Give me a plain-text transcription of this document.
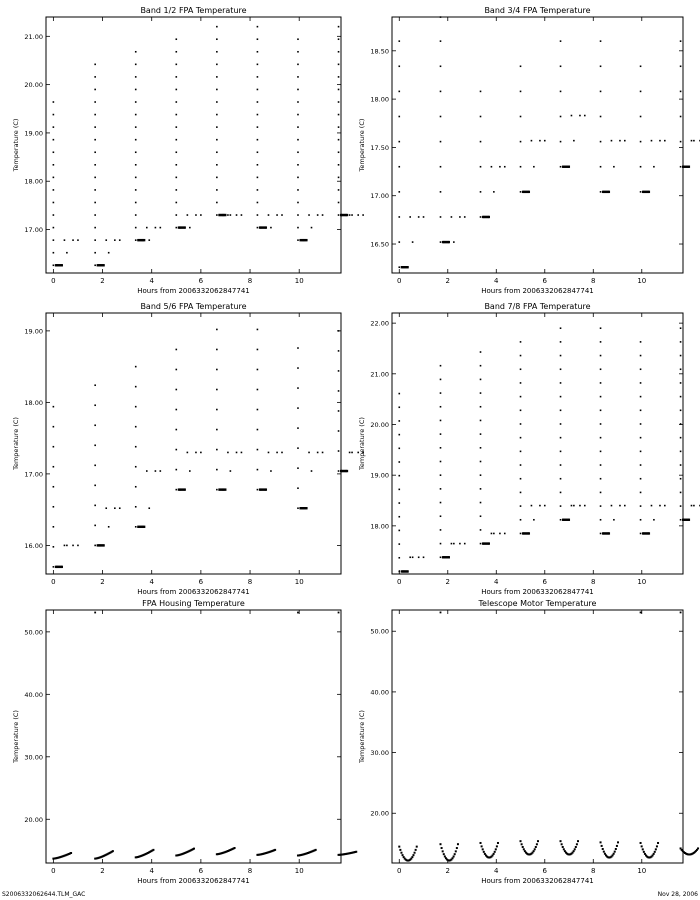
Band 1/2 FPA Temperature
0	2	4	6	8	10
17.00
18.00
19.00
20.00
21.00
Hours from 2006332062847741
Temperature (C)
Band 3/4 FPA Temperature
0	2	4	6	8	10
16.50
17.00
17.50
18.00
18.50
Hours from 2006332062847741
Temperature (C)
Band 5/6 FPA Temperature
0	2	4	6	8	10
16.00
17.00
18.00
19.00
Hours from 2006332062847741
Temperature (C)
Band 7/8 FPA Temperature
0	2	4	6	8	10
18.00
19.00
20.00
21.00
22.00
Hours from 2006332062847741
Temperature (C)
FPA Housing Temperature
0	2	4	6	8	10
20.00
30.00
40.00
50.00
Hours from 2006332062847741
Temperature (C)
Telescope Motor Temperature
0	2	4	6	8	10
20.00
30.00
40.00
50.00
Hours from 2006332062847741
Temperature (C)
S2006332062644.TLM_GAC	Nov 28, 2006
